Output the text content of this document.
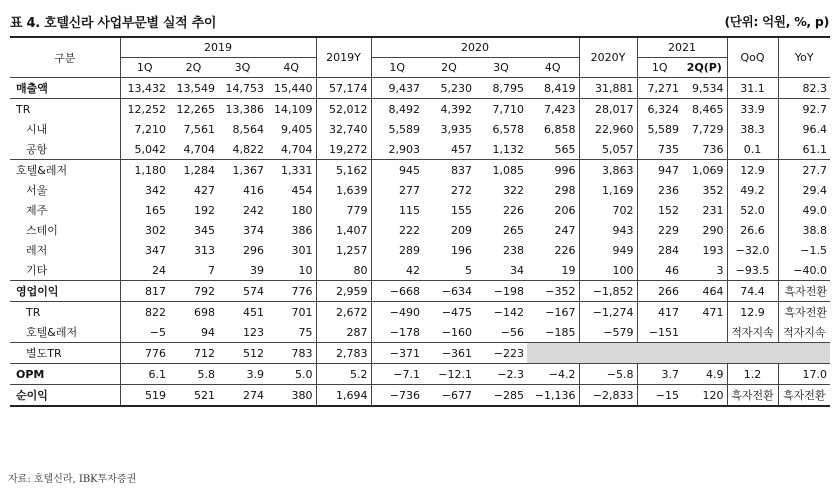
표 4. 호텔신라 사업부문별 실적 추이	(단위: 억원, %, p)
구분	2019				2019Y	2020				2020Y	2021		QoQ	YoY
	1Q	2Q	3Q	4Q		1Q	2Q	3Q	4Q		1Q	2Q(P)		
매출액	13,432	13,549	14,753	15,440	57,174	9,437	5,230	8,795	8,419	31,881	7,271	9,534	31.1	82.3
TR	12,252	12,265	13,386	14,109	52,012	8,492	4,392	7,710	7,423	28,017	6,324	8,465	33.9	92.7
시내	7,210	7,561	8,564	9,405	32,740	5,589	3,935	6,578	6,858	22,960	5,589	7,729	38.3	96.4
공항	5,042	4,704	4,822	4,704	19,272	2,903	457	1,132	565	5,057	735	736	0.1	61.1
호텔&레저	1,180	1,284	1,367	1,331	5,162	945	837	1,085	996	3,863	947	1,069	12.9	27.7
서울	342	427	416	454	1,639	277	272	322	298	1,169	236	352	49.2	29.4
제주	165	192	242	180	779	115	155	226	206	702	152	231	52.0	49.0
스테이	302	345	374	386	1,407	222	209	265	247	943	229	290	26.6	38.8
레저	347	313	296	301	1,257	289	196	238	226	949	284	193	−32.0	−1.5
기타	24	7	39	10	80	42	5	34	19	100	46	3	−93.5	−40.0
영업이익	817	792	574	776	2,959	−668	−634	−198	−352	−1,852	266	464	74.4	흑자전환
TR	822	698	451	701	2,672	−490	−475	−142	−167	−1,274	417	471	12.9	흑자전환
호텔&레저	−5	94	123	75	287	−178	−160	−56	−185	−579	−151		적자지속	적자지속
별도TR	776	712	512	783	2,783	−371	−361	−223						
OPM	6.1	5.8	3.9	5.0	5.2	−7.1	−12.1	−2.3	−4.2	−5.8	3.7	4.9	1.2	17.0
순이익	519	521	274	380	1,694	−736	−677	−285	−1,136	−2,833	−15	120	흑자전환	흑자전환
자료: 호텔신라, IBK투자증권
